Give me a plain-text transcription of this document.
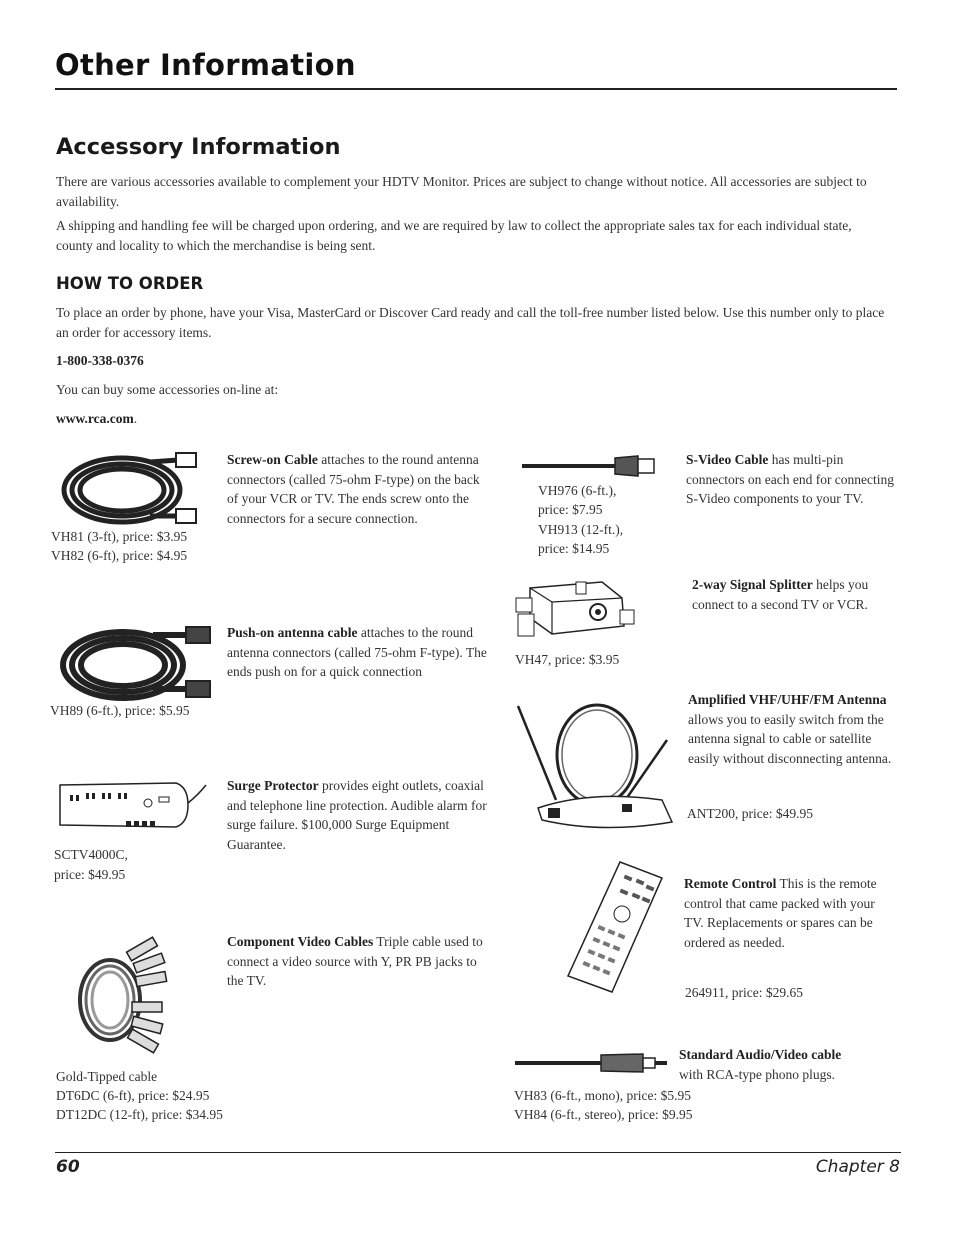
Other Information
Accessory Information
There are various accessories available to complement your HDTV Monitor. Prices are subject to change without notice. All accessories are subject to availability.
A shipping and handling fee will be charged upon ordering, and we are required by law to collect the appropriate sales tax for each individual state, county and locality to which the merchandise is being sent.
HOW TO ORDER
To place an order by phone, have your Visa, MasterCard or Discover Card ready and call the toll-free number listed below. Use this number only to place an order for accessory items.
1-800-338-0376
You can buy some accessories on-line at:
www.rca.com.
VH81 (3-ft), price: $3.95
VH82 (6-ft), price: $4.95
Screw-on Cable attaches to the round antenna connectors (called 75-ohm F-type) on the back of your VCR or TV. The ends screw onto the connectors for a secure connection.
VH89 (6-ft.), price: $5.95
Push-on antenna cable attaches to the round antenna connectors (called 75-ohm F-type). The ends push on for a quick connection
SCTV4000C,
price: $49.95
Surge Protector provides eight outlets, coaxial and telephone line protection. Audible alarm for surge failure. $100,000 Surge Equipment Guarantee.
Gold-Tipped cable
DT6DC (6-ft), price: $24.95
DT12DC (12-ft), price: $34.95
Component Video Cables Triple cable used to connect a video source with Y, PR PB jacks to the TV.
VH976 (6-ft.),
price: $7.95
VH913 (12-ft.),
price: $14.95
S-Video Cable has multi-pin connectors on each end for connecting S-Video components to your TV.
VH47, price: $3.95
2-way Signal Splitter helps you connect to a second TV or VCR.
ANT200, price: $49.95
Amplified VHF/UHF/FM Antenna allows you to easily switch from the antenna signal to cable or satellite easily without disconnecting antenna.
264911, price: $29.65
Remote Control This is the remote control that came packed with your TV. Replacements or spares can be ordered as needed.
VH83 (6-ft., mono), price: $5.95
VH84 (6-ft., stereo), price: $9.95
Standard Audio/Video cable
with RCA-type phono plugs.
60	Chapter 8
